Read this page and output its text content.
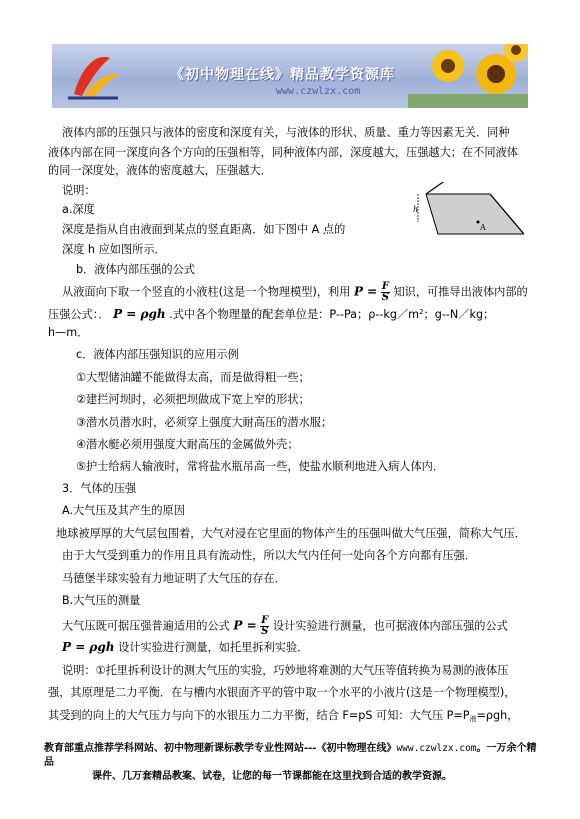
《初中物理在线》精品教学资源库
www.czwlzx.com
液体内部的压强只与液体的密度和深度有关，与液体的形状、质量、重力等因素无关．同种
液体内部在同一深度向各个方向的压强相等，同种液体内部，深度越大，压强越大；在不同液体
的同一深度处，液体的密度越大，压强越大．
说明：
a.深度
深度是指从自由液面到某点的竖直距离．如下图中 A 点的
深度 h 应如图所示．
h
A
b．液体内部压强的公式
从液面向下取一个竖直的小液柱(这是一个物理模型)，利用 $P = \frac{F}{S}$ 知识，可推导出液体内部的
压强公式：． P = ρgh .式中各个物理量的配套单位是：P--Pa；$\rho--kg/m^2$；g--N／kg；
h—m．
c．液体内部压强知识的应用示例
①大型储油罐不能做得太高，而是做得粗一些；
②建拦河坝时，必须把坝做成下宽上窄的形状；
③潜水员潜水时，必须穿上强度大耐高压的潜水服；
④潜水艇必须用强度大耐高压的金属做外壳；
⑤护士给病人输液时，常将盐水瓶吊高一些，使盐水顺利地进入病人体内．
3．气体的压强
A.大气压及其产生的原因
地球被厚厚的大气层包围着，大气对浸在它里面的物体产生的压强叫做大气压强，简称大气压．
由于大气受到重力的作用且具有流动性，所以大气内任何一处向各个方向都有压强．
马德堡半球实验有力地证明了大气压的存在．
B.大气压的测量
大气压既可据压强普遍适用的公式 $P = \frac{F}{S}$ 设计实验进行测量，也可据液体内部压强的公式
P = ρgh 设计实验进行测量，如托里拆利实验．
说明：①托里拆利设计的测大气压的实验，巧妙地将难测的大气压等值转换为易测的液体压
强，其原理是二力平衡．在与槽内水银面齐平的管中取一个水平的小液片(这是一个物理模型)，
其受到的向上的大气压力与向下的水银压力二力平衡，结合 F=pS 可知：大气压 $P=P_液=\rho gh$，
教育部重点推荐学科网站、初中物理新课标教学专业性网站---《初中物理在线》www.czwlzx.com。一万余个精品
课件、几万套精品教案、试卷，让您的每一节课都能在这里找到合适的教学资源。
